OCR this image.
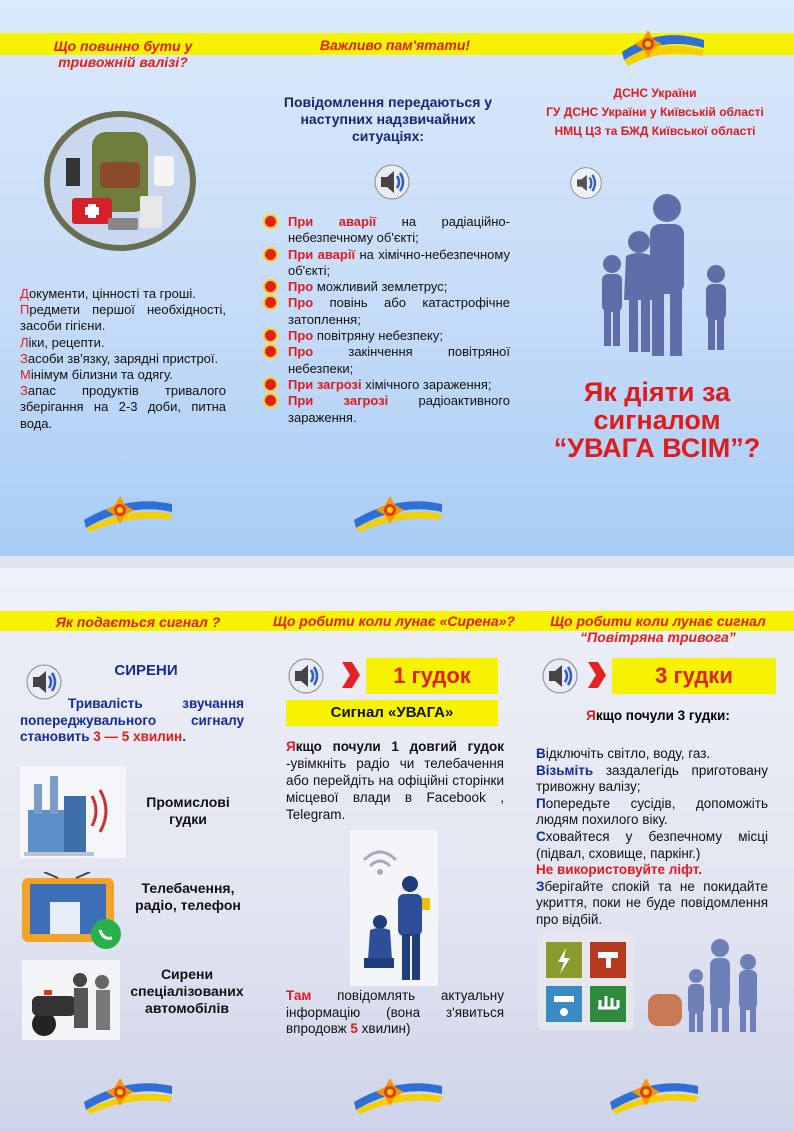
Що повинно бути у тривожній валізі?
Важливо пам'ятати!
Документи, цінності та гроші.
Предмети першої необхідності, засоби гігієни.
Ліки, рецепти.
Засоби зв'язку, зарядні пристрої.
Мінімум білизни та одягу.
Запас продуктів тривалого зберігання на 2-3 доби, питна вода.
Повідомлення передаються у наступних надзвичайних ситуаціях:
При аварії на радіаційно-небезпечному об'єкті;
При аварії на хімічно-небезпечному об'єкті;
Про можливий землетрус;
Про повінь або катастрофічне затоплення;
Про повітряну небезпеку;
Про закінчення повітряної небезпеки;
При загрозі хімічного зараження;
При загрозі радіоактивного зараження.
ДСНС України
ГУ ДСНС України у Київській області
НМЦ ЦЗ та БЖД Київської області
Як діяти за
сигналом
“УВАГА ВСІМ”?
Як подається сигнал ?	Що робити коли лунає «Сирена»?	Що робити коли лунає сигнал “Повітряна тривога”
СИРЕНИ
Тривалість звучання попереджувального сигналу становить 3 — 5 хвилин.
Промислові гудки
Телебачення, радіо, телефон
Сирени спеціалізованих автомобілів
1 гудок
Сигнал «УВАГА»
Якщо почули 1 довгий гудок -увімкніть радіо чи телебачення або перейдіть на офіційні сторінки місцевої влади в Facebook , Telegram.
Там повідомлять актуальну інформацію (вона з'явиться впродовж 5 хвилин)
3 гудки
Якщо почули 3 гудки:
Відключіть світло, воду, газ.
Візьміть заздалегідь приготовану тривожну валізу;
Попередьте сусідів, допоможіть людям похилого віку.
Сховайтеся у безпечному місці (підвал, сховище, паркінг.)
Не використовуйте ліфт.
Зберігайте спокій та не покидайте укриття, поки не буде повідомлення про відбій.
